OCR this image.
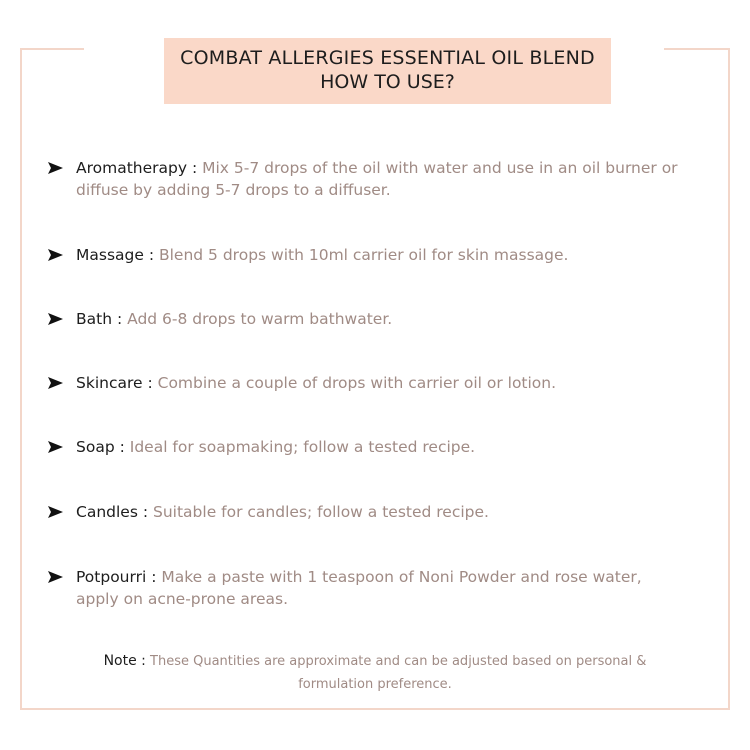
COMBAT ALLERGIES ESSENTIAL OIL BLEND
HOW TO USE?
Aromatherapy : Mix 5-7 drops of the oil with water and use in an oil burner or diffuse by adding 5-7 drops to a diffuser.
Massage : Blend 5 drops with 10ml carrier oil for skin massage.
Bath : Add 6-8 drops to warm bathwater.
Skincare : Combine a couple of drops with carrier oil or lotion.
Soap : Ideal for soapmaking; follow a tested recipe.
Candles : Suitable for candles; follow a tested recipe.
Potpourri : Make a paste with 1 teaspoon of Noni Powder and rose water, apply on acne-prone areas.
Note : These Quantities are approximate and can be adjusted based on personal & formulation preference.
